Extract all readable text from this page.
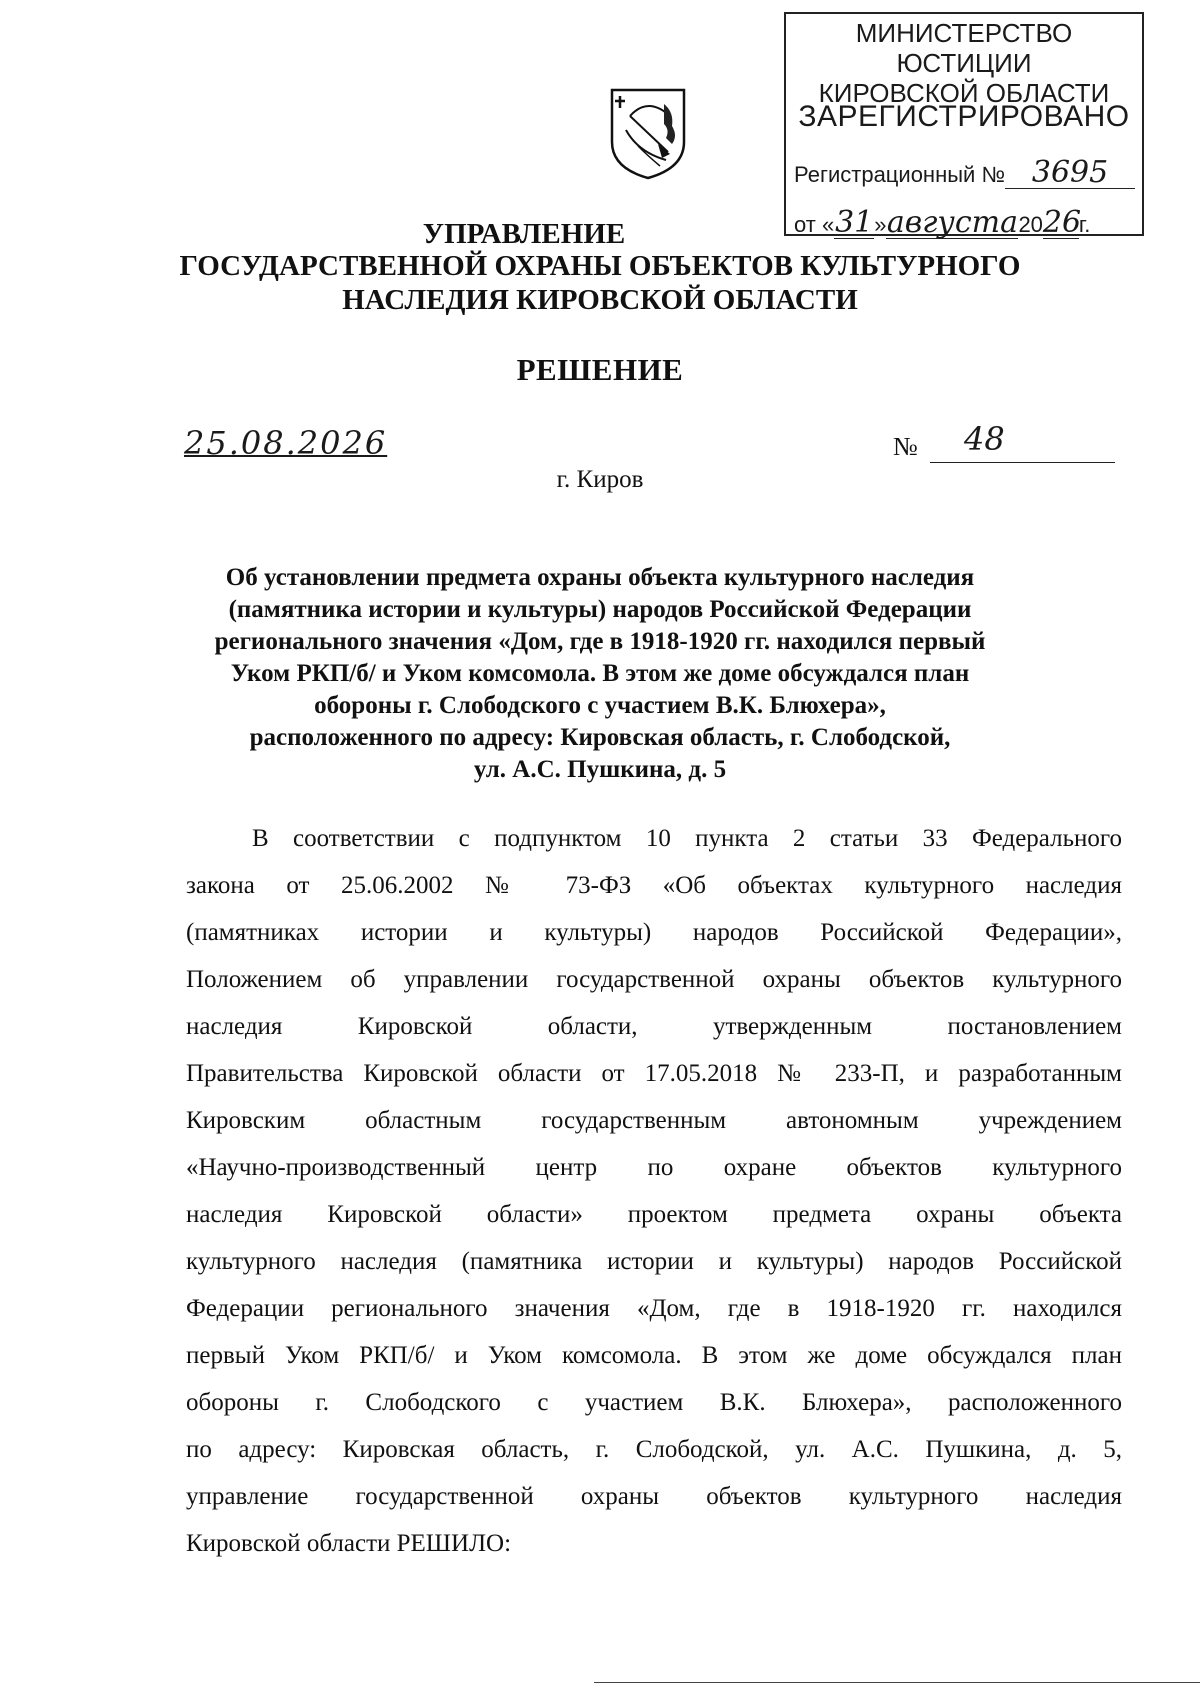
МИНИСТЕРСТВО ЮСТИЦИИ
КИРОВСКОЙ ОБЛАСТИ
ЗАРЕГИСТРИРОВАНО
Регистрационный № 3695
от «31»августа2026г.
УПРАВЛЕНИЕ
ГОСУДАРСТВЕННОЙ ОХРАНЫ ОБЪЕКТОВ КУЛЬТУРНОГО
НАСЛЕДИЯ КИРОВСКОЙ ОБЛАСТИ
РЕШЕНИЕ
25.08.2026	№ 48
г. Киров
Об установлении предмета охраны объекта культурного наследия
(памятника истории и культуры) народов Российской Федерации
регионального значения «Дом, где в 1918-1920 гг. находился первый
Уком РКП/б/ и Уком комсомола. В этом же доме обсуждался план
обороны г. Слободского с участием В.К. Блюхера»,
расположенного по адресу: Кировская область, г. Слободской,
ул. А.С. Пушкина, д. 5
В соответствии с подпунктом 10 пункта 2 статьи 33 Федерального
закона от 25.06.2002 № 73-ФЗ «Об объектах культурного наследия
(памятниках истории и культуры) народов Российской Федерации»,
Положением об управлении государственной охраны объектов культурного
наследия Кировской области, утвержденным постановлением
Правительства Кировской области от 17.05.2018 № 233-П, и разработанным
Кировским областным государственным автономным учреждением
«Научно-производственный центр по охране объектов культурного
наследия Кировской области» проектом предмета охраны объекта
культурного наследия (памятника истории и культуры) народов Российской
Федерации регионального значения «Дом, где в 1918-1920 гг. находился
первый Уком РКП/б/ и Уком комсомола. В этом же доме обсуждался план
обороны г. Слободского с участием В.К. Блюхера», расположенного
по адресу: Кировская область, г. Слободской, ул. А.С. Пушкина, д. 5,
управление государственной охраны объектов культурного наследия
Кировской области РЕШИЛО:
